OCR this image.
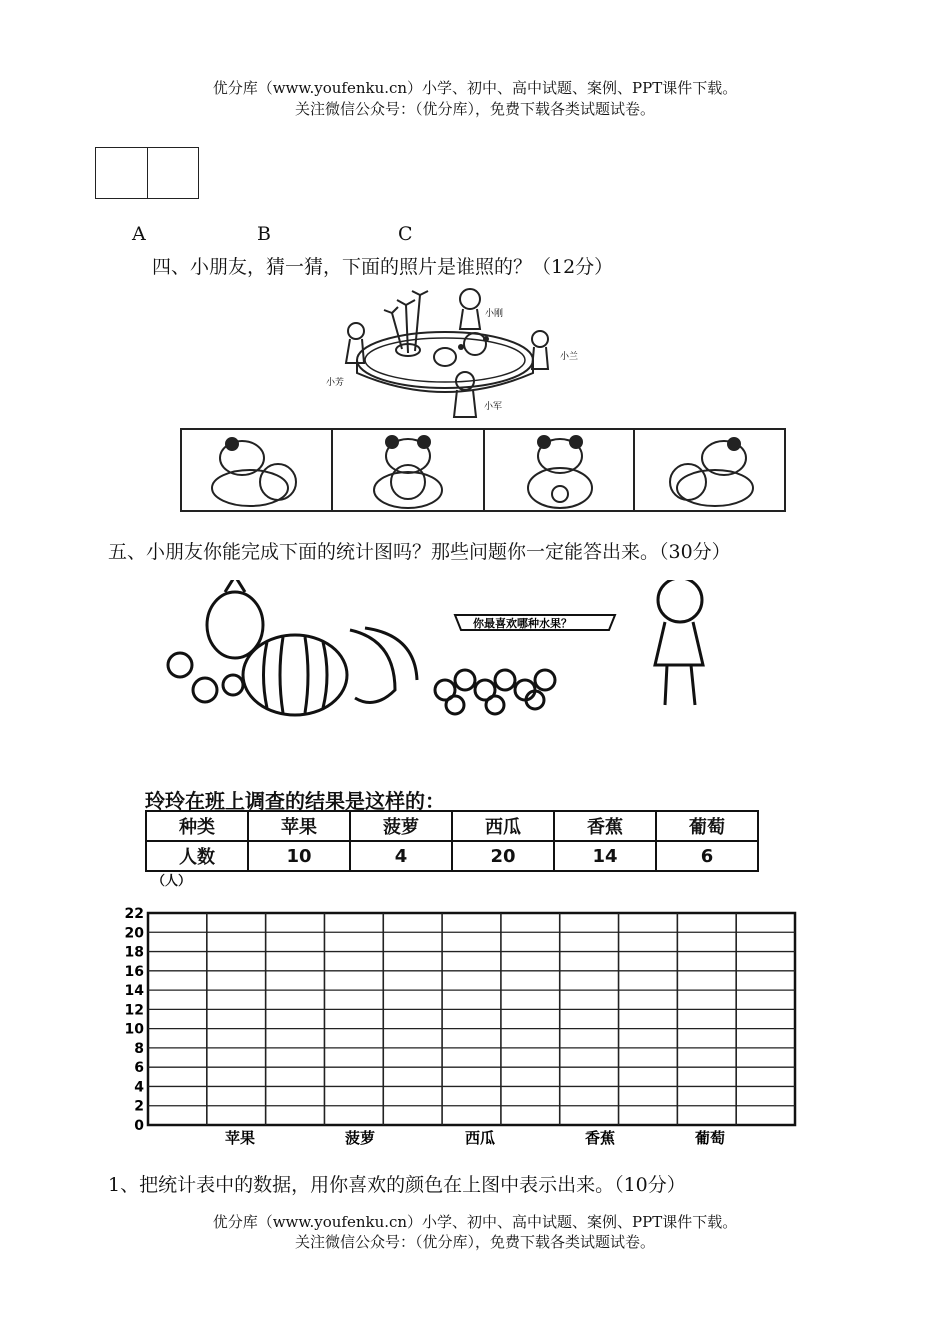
优分库（www.youfenku.cn）小学、初中、高中试题、案例、PPT课件下载。
关注微信公众号：（优分库），免费下载各类试题试卷。
A	B	C
四、小朋友，猜一猜，下面的照片是谁照的？（12分）
小刚
小兰
小芳
小军
五、小朋友你能完成下面的统计图吗？那些问题你一定能答出来。（30分）
你最喜欢哪种水果？
玲玲在班上调查的结果是这样的：
种类	苹果	菠萝	西瓜	香蕉	葡萄
人数	10	4	20	14	6
（人）
0
2
4
6
8
10
12
14
16
18
20
22
苹果	菠萝	西瓜	香蕉	葡萄
1、把统计表中的数据，用你喜欢的颜色在上图中表示出来。（10分）
优分库（www.youfenku.cn）小学、初中、高中试题、案例、PPT课件下载。
关注微信公众号：（优分库），免费下载各类试题试卷。
